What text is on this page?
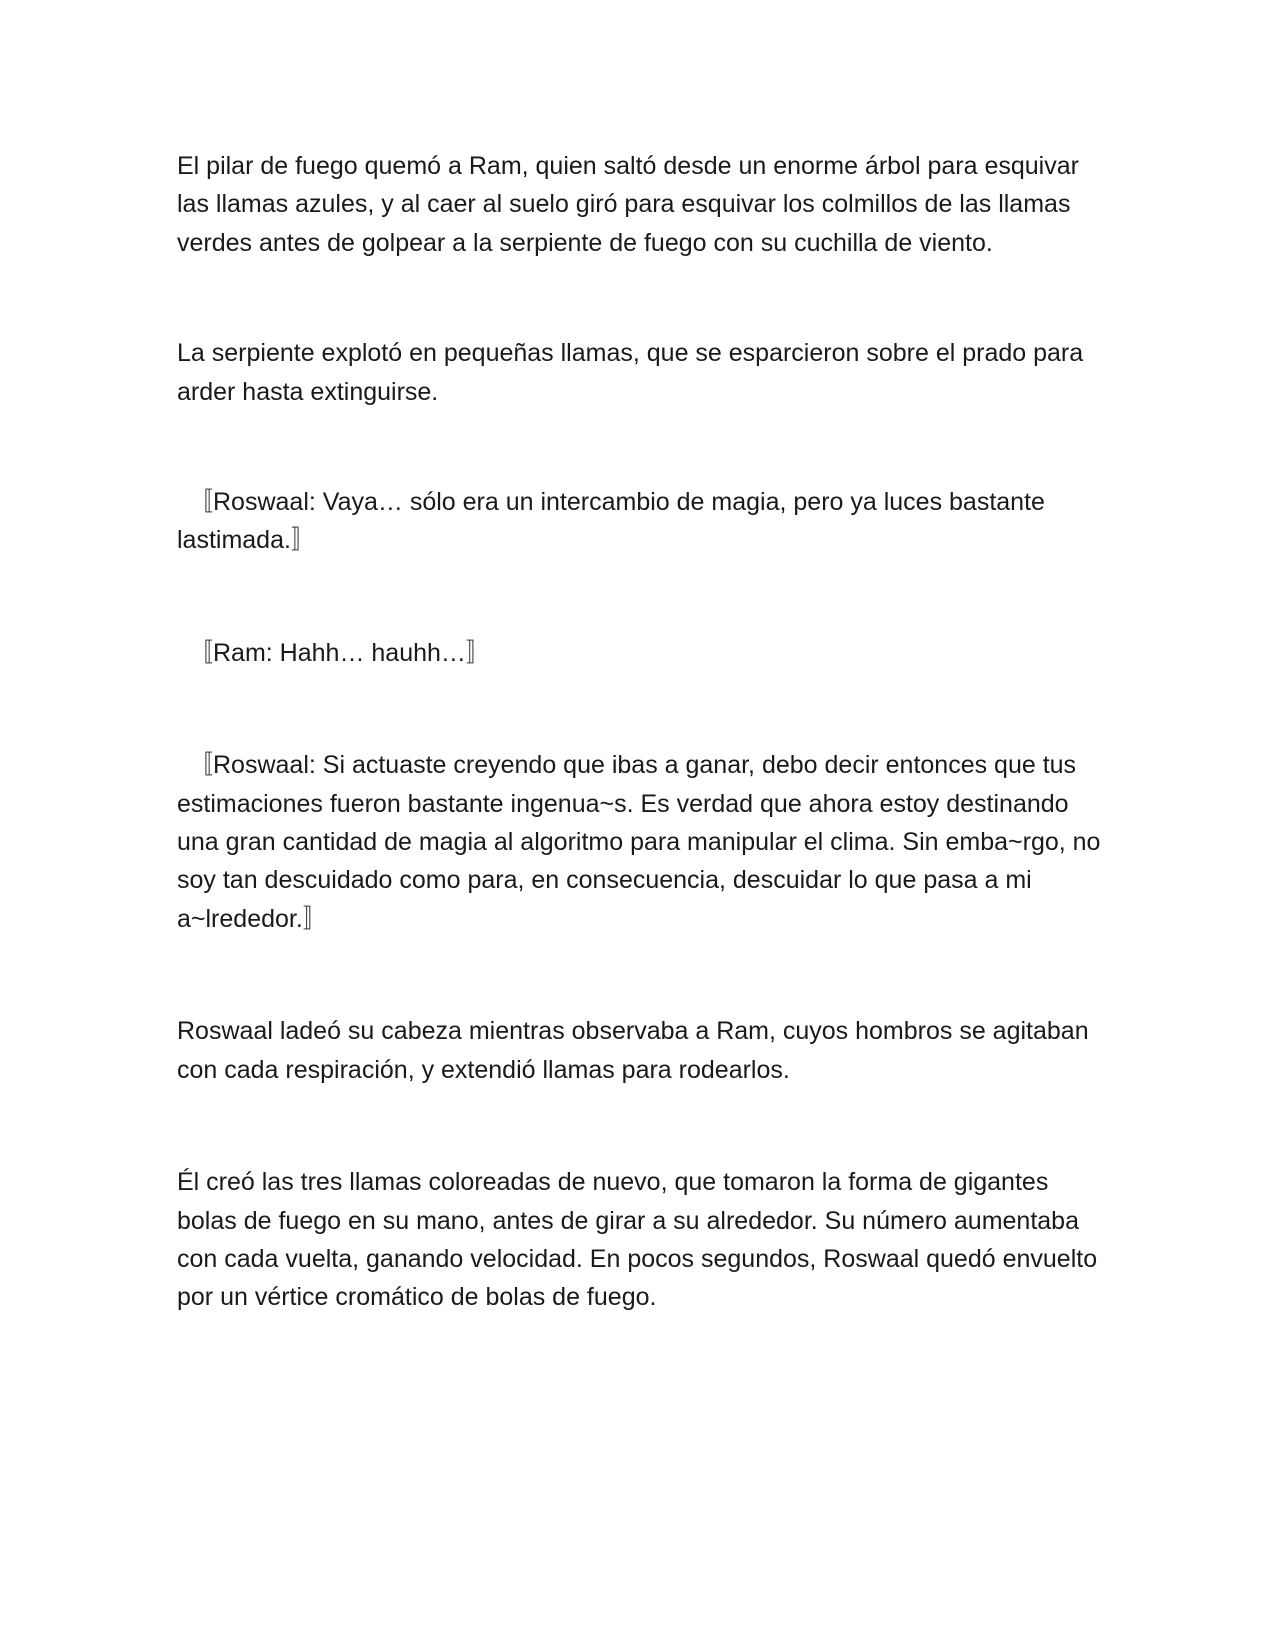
El pilar de fuego quemó a Ram, quien saltó desde un enorme árbol para esquivar las llamas azules, y al caer al suelo giró para esquivar los colmillos de las llamas verdes antes de golpear a la serpiente de fuego con su cuchilla de viento.

La serpiente explotó en pequeñas llamas, que se esparcieron sobre el prado para arder hasta extinguirse.

〚Roswaal: Vaya… sólo era un intercambio de magia, pero ya luces bastante lastimada.〛

〚Ram: Hahh… hauhh…〛

〚Roswaal: Si actuaste creyendo que ibas a ganar, debo decir entonces que tus estimaciones fueron bastante ingenua~s. Es verdad que ahora estoy destinando una gran cantidad de magia al algoritmo para manipular el clima. Sin emba~rgo, no soy tan descuidado como para, en consecuencia, descuidar lo que pasa a mi a~lrededor.〛

Roswaal ladeó su cabeza mientras observaba a Ram, cuyos hombros se agitaban con cada respiración, y extendió llamas para rodearlos.

Él creó las tres llamas coloreadas de nuevo, que tomaron la forma de gigantes bolas de fuego en su mano, antes de girar a su alrededor. Su número aumentaba con cada vuelta, ganando velocidad. En pocos segundos, Roswaal quedó envuelto por un vértice cromático de bolas de fuego.
